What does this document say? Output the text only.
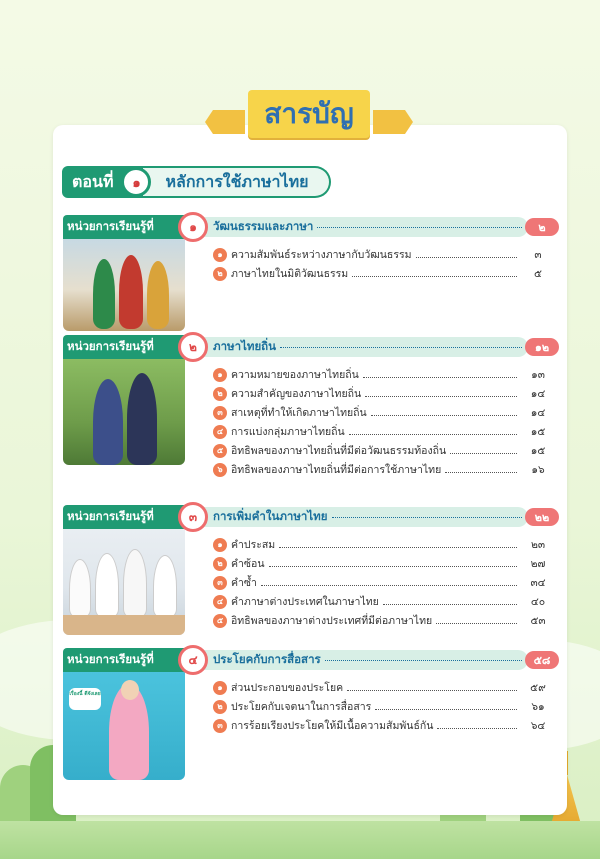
สารบัญ
ตอนที่	๑	หลักการใช้ภาษาไทย
หน่วยการเรียนรู้ที่	๑	วัฒนธรรมและภาษา	๒
๑ ความสัมพันธ์ระหว่างภาษากับวัฒนธรรม	๓
๒ ภาษาไทยในมิติวัฒนธรรม	๕
หน่วยการเรียนรู้ที่	๒	ภาษาไทยถิ่น	๑๒
๑ ความหมายของภาษาไทยถิ่น	๑๓
๒ ความสำคัญของภาษาไทยถิ่น	๑๔
๓ สาเหตุที่ทำให้เกิดภาษาไทยถิ่น	๑๔
๔ การแบ่งกลุ่มภาษาไทยถิ่น	๑๕
๕ อิทธิพลของภาษาไทยถิ่นที่มีต่อวัฒนธรรมท้องถิ่น	๑๕
๖ อิทธิพลของภาษาไทยถิ่นที่มีต่อการใช้ภาษาไทย	๑๖
หน่วยการเรียนรู้ที่	๓	การเพิ่มคำในภาษาไทย	๒๒
๑ คำประสม	๒๓
๒ คำซ้อน	๒๗
๓ คำซ้ำ	๓๔
๔ คำภาษาต่างประเทศในภาษาไทย	๔๐
๕ อิทธิพลของภาษาต่างประเทศที่มีต่อภาษาไทย	๕๓
หน่วยการเรียนรู้ที่	๔	ประโยคกับการสื่อสาร	๕๘
เรื่องนี้ ดีจังเลย
๑ ส่วนประกอบของประโยค	๕๙
๒ ประโยคกับเจตนาในการสื่อสาร	๖๑
๓ การร้อยเรียงประโยคให้มีเนื้อความสัมพันธ์กัน	๖๔
